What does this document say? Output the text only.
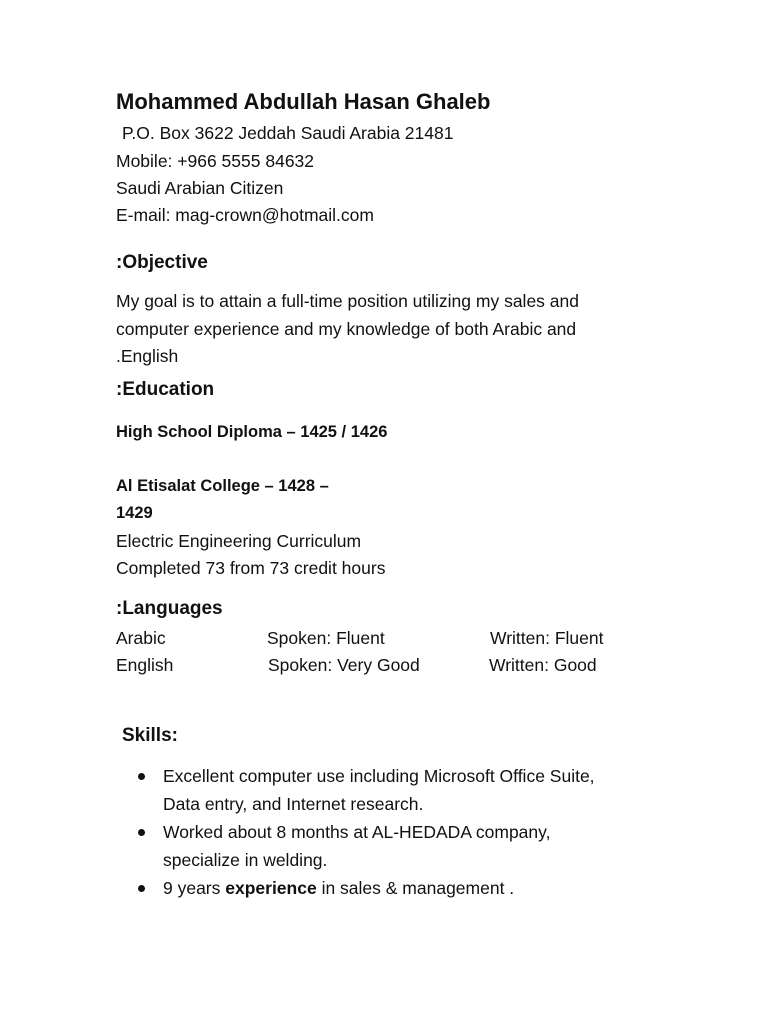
Mohammed Abdullah Hasan Ghaleb
P.O. Box 3622 Jeddah Saudi Arabia 21481
Mobile: +966 5555 84632
Saudi Arabian Citizen
E-mail: mag-crown@hotmail.com
:Objective
My goal is to attain a full-time position utilizing my sales and
computer experience and my knowledge of both Arabic and
.English
:Education
High School Diploma – 1425 / 1426
Al Etisalat College – 1428 –
1429
Electric Engineering Curriculum
Completed 73 from 73 credit hours
:Languages
Arabic	Spoken: Fluent	Written: Fluent
English	Spoken: Very Good	Written: Good
Skills:
Excellent computer use including Microsoft Office Suite,
Data entry, and Internet research.
Worked about 8 months at AL-HEDADA company,
specialize in welding.
9 years experience in sales & management .
